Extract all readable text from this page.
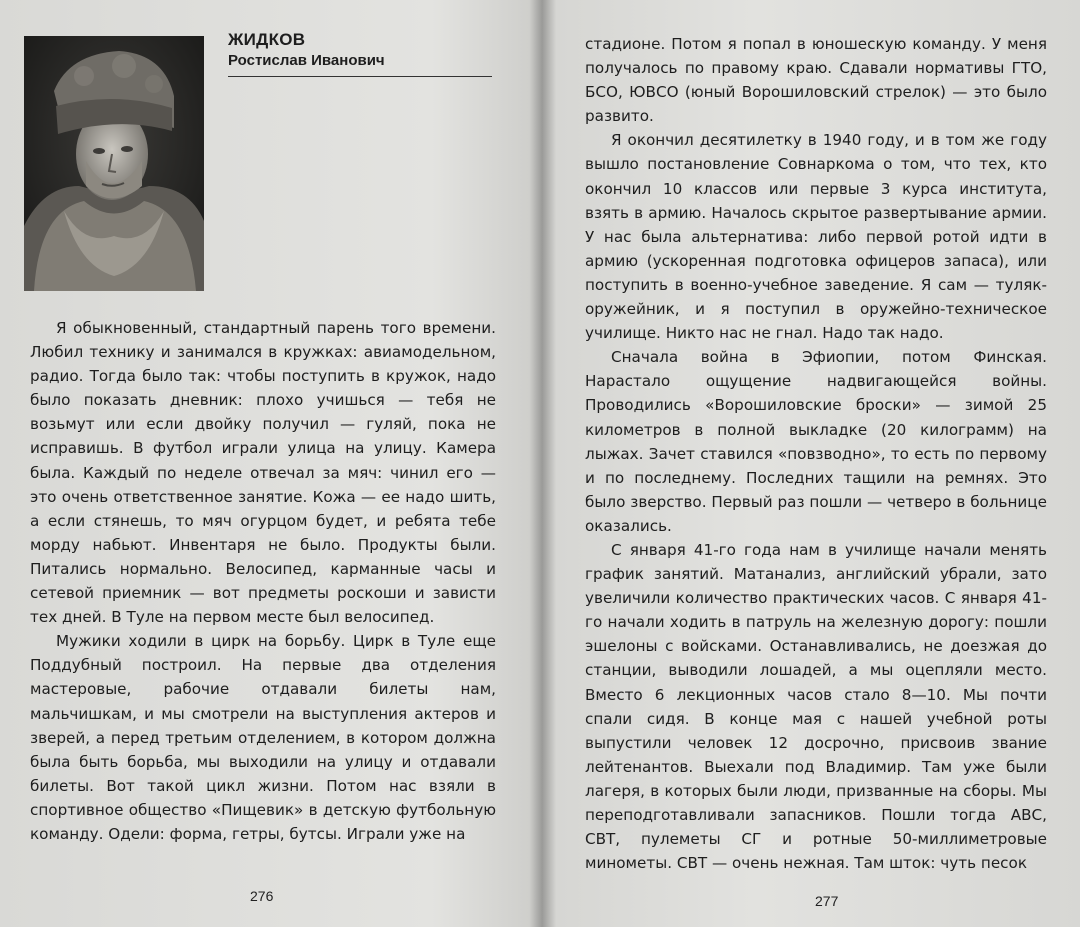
ЖИДКОВ
Ростислав Иванович

Я обыкновенный, стандартный парень того времени. Любил технику и занимался в кружках: авиамодельном, радио. Тогда было так: чтобы поступить в кружок, надо было показать дневник: плохо учишься — тебя не возьмут или если двойку получил — гуляй, пока не исправишь. В футбол играли улица на улицу. Камера была. Каждый по неделе отвечал за мяч: чинил его — это очень ответственное занятие. Кожа — ее надо шить, а если стянешь, то мяч огурцом будет, и ребята тебе морду набьют. Инвентаря не было. Продукты были. Питались нормально. Велосипед, карманные часы и сетевой приемник — вот предметы роскоши и зависти тех дней. В Туле на первом месте был велосипед.

Мужики ходили в цирк на борьбу. Цирк в Туле еще Поддубный построил. На первые два отделения мастеровые, рабочие отдавали билеты нам, мальчишкам, и мы смотрели на выступления актеров и зверей, а перед третьим отделением, в котором должна была быть борьба, мы выходили на улицу и отдавали билеты. Вот такой цикл жизни. Потом нас взяли в спортивное общество «Пищевик» в детскую футбольную команду. Одели: форма, гетры, бутсы. Играли уже на

276

стадионе. Потом я попал в юношескую команду. У меня получалось по правому краю. Сдавали нормативы ГТО, БСО, ЮВСО (юный Ворошиловский стрелок) — это было развито.

Я окончил десятилетку в 1940 году, и в том же году вышло постановление Совнаркома о том, что тех, кто окончил 10 классов или первые 3 курса института, взять в армию. Началось скрытое развертывание армии. У нас была альтернатива: либо первой ротой идти в армию (ускоренная подготовка офицеров запаса), или поступить в военно-учебное заведение. Я сам — туляк-оружейник, и я поступил в оружейно-техническое училище. Никто нас не гнал. Надо так надо.

Сначала война в Эфиопии, потом Финская. Нарастало ощущение надвигающейся войны. Проводились «Ворошиловские броски» — зимой 25 километров в полной выкладке (20 килограмм) на лыжах. Зачет ставился «повзводно», то есть по первому и по последнему. Последних тащили на ремнях. Это было зверство. Первый раз пошли — четверо в больнице оказались.

С января 41-го года нам в училище начали менять график занятий. Матанализ, английский убрали, зато увеличили количество практических часов. С января 41-го начали ходить в патруль на железную дорогу: пошли эшелоны с войсками. Останавливались, не доезжая до станции, выводили лошадей, а мы оцепляли место. Вместо 6 лекционных часов стало 8—10. Мы почти спали сидя. В конце мая с нашей учебной роты выпустили человек 12 досрочно, присвоив звание лейтенантов. Выехали под Владимир. Там уже были лагеря, в которых были люди, призванные на сборы. Мы переподготавливали запасников. Пошли тогда АВС, СВТ, пулеметы СГ и ротные 50-миллиметровые минометы. СВТ — очень нежная. Там шток: чуть песок

277
